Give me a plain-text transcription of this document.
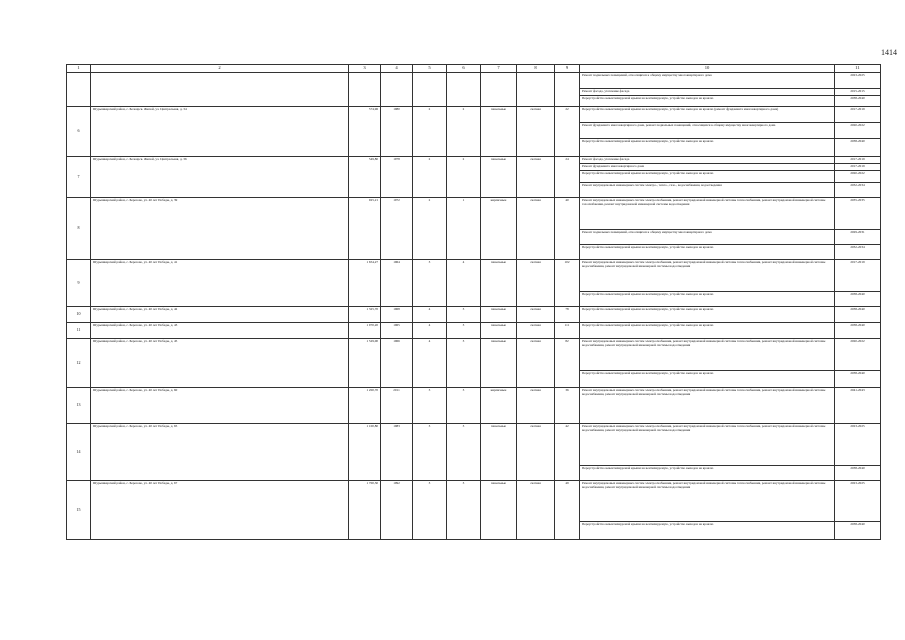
1414
1	2	3	4	5	6	7	8	9	10	11
									Ремонт подвальных помещений, относящихся к общему имуществу многоквартирного дома	2023-2025
									Ремонт фасада, утепление фасада	2015-2015
									Переустройство невентилируемой крыши на вентилируемую, устройство выходов на кровлю	2038-2040
6	Шурышкарский район, с. Белоярск. Жилой, ул. Центральная, д. 34	574,96	1980	2	2	панельные	скатная	22	Переустройство невентилируемой крыши на вентилируемую, устройство выходов на кровлю (ремонт фундамента многоквартирного дома)	2017-2019
									Ремонт фундамента многоквартирного дома, ремонт подвальных помещений, относящихся к общему имуществу многоквартирного дома	2020-2022
									Переустройство невентилируемой крыши на вентилируемую, устройство выходов на кровлю	2038-2040
7	Шурышкарский район, с. Белоярск. Жилой, ул. Центральная, д. 36	549,80	1978	2	2	панельные	скатная	24	Ремонт фасада, утепление фасада	2017-2019
									Ремонт фундамента многоквартирного дома	2017-2019
									Переустройство невентилируемой крыши на вентилируемую, устройство выходов на кровлю	2020-2022
									Ремонт внутридомовых инженерных систем электро-, тепло-, газо-, водоснабжения, водоотведения	2032-2034
8	Шурышкарский район, с. Березово, ул. 40 лет Победы, д. 39	925,21	1972	2	1	кирпичные	скатная	40	Ремонт внутридомовых инженерных систем электроснабжения, ремонт внутридомовой инженерной системы теплоснабжения, ремонт внутридомовой инженерной системы газоснабжения, ремонт внутридомовой инженерной системы водоотведения	2035-2035
									Ремонт подвальных помещений, относящихся к общему имуществу многоквартирного дома	2029-2031
									Переустройство невентилируемой крыши на вентилируемую, устройство выходов на кровлю	2032-2034
9	Шурышкарский район, с. Березово, ул. 40 лет Победы, д. 41	1 654,27	1964	3	4	панельные	скатная	102	Ремонт внутридомовых инженерных систем электроснабжения, ремонт внутридомовой инженерной системы теплоснабжения, ремонт внутридомовой инженерной системы водоснабжения, ремонт внутридомовой инженерной системы водоотведения	2017-2019
									Переустройство невентилируемой крыши на вентилируемую, устройство выходов на кровлю	2038-2040
10	Шурышкарский район, с. Березово, ул. 40 лет Победы, д. 42	1 325,70	1968	4	3	панельные	скатная	78	Переустройство невентилируемой крыши на вентилируемую, устройство выходов на кровлю	2038-2040
11	Шурышкарский район, с. Березово, ул. 40 лет Победы, д. 43	1 970,20	1965	4	3	панельные	скатная	111	Переустройство невентилируемой крыши на вентилируемую, устройство выходов на кровлю	2038-2040
12	Шурышкарский район, с. Березово, ул. 40 лет Победы, д. 45	1 529,00	1966	4	3	панельные	скатная	82	Ремонт внутридомовых инженерных систем электроснабжения, ремонт внутридомовой инженерной системы теплоснабжения, ремонт внутридомовой инженерной системы водоснабжения, ремонт внутридомовой инженерной системы водоотведения	2020-2022
									Переустройство невентилируемой крыши на вентилируемую, устройство выходов на кровлю	2038-2040
13	Шурышкарский район, с. Березово, ул. 40 лет Победы, д. 60	1 200,70	2011	3	3	кирпичные	скатная	36	Ремонт внутридомовых инженерных систем электроснабжения, ремонт внутридомовой инженерной системы теплоснабжения, ремонт внутридомовой инженерной системы водоснабжения, ремонт внутридомовой инженерной системы водоотведения	2041-2043
14	Шурышкарский район, с. Березово, ул. 40 лет Победы, д. 65	1 100,80	1983	3	3	панельные	скатная	42	Ремонт внутридомовых инженерных систем электроснабжения, ремонт внутридомовой инженерной системы теплоснабжения, ремонт внутридомовой инженерной системы водоснабжения, ремонт внутридомовой инженерной системы водоотведения	2023-2025
									Переустройство невентилируемой крыши на вентилируемую, устройство выходов на кровлю	2038-2040
15	Шурышкарский район, с. Березово, ул. 40 лет Победы, д. 67	1 700,30	1992	3	3	панельные	скатная	49	Ремонт внутридомовых инженерных систем электроснабжения, ремонт внутридомовой инженерной системы теплоснабжения, ремонт внутридомовой инженерной системы водоснабжения, ремонт внутридомовой инженерной системы водоотведения	2023-2025
									Переустройство невентилируемой крыши на вентилируемую, устройство выходов на кровлю	2038-2040
